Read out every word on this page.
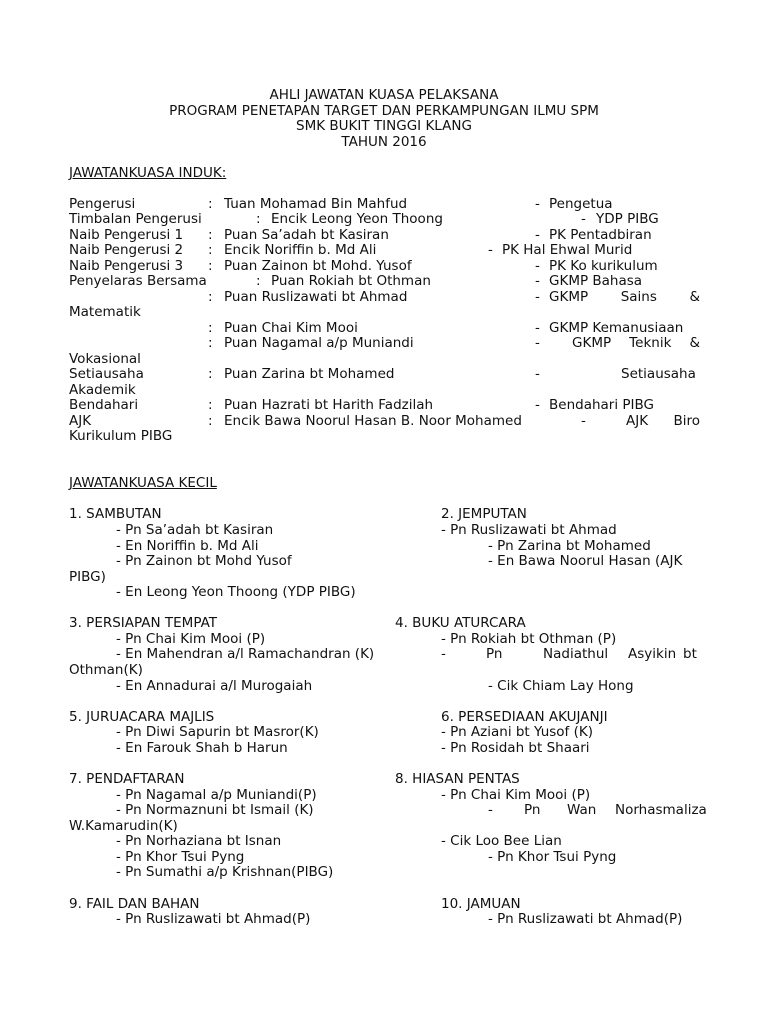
AHLI JAWATAN KUASA PELAKSANA
PROGRAM PENETAPAN TARGET DAN PERKAMPUNGAN ILMU SPM
SMK BUKIT TINGGI KLANG
TAHUN 2016
JAWATANKUASA INDUK:
Pengerusi	: Tuan Mohamad Bin Mahfud	- Pengetua
Timbalan Pengerusi	: Encik Leong Yeon Thoong	- YDP PIBG
Naib Pengerusi 1 : Puan Sa’adah bt Kasiran	- PK Pentadbiran
Naib Pengerusi 2 : Encik Noriffin b. Md Ali	- PK Hal Ehwal Murid
Naib Pengerusi 3 : Puan Zainon bt Mohd. Yusof	- PK Ko kurikulum
Penyelaras Bersama	: Puan Rokiah bt Othman	- GKMP Bahasa
: Puan Ruslizawati bt Ahmad	- GKMP Sains &
Matematik
: Puan Chai Kim Mooi	- GKMP Kemanusiaan
: Puan Nagamal a/p Muniandi	- GKMP Teknik &
Vokasional
Setiausaha	: Puan Zarina bt Mohamed	-	Setiausaha
Akademik
Bendahari	: Puan Hazrati bt Harith Fadzilah	- Bendahari PIBG
AJK	: Encik Bawa Noorul Hasan B. Noor Mohamed	-	AJK Biro
Kurikulum PIBG
JAWATANKUASA KECIL
1. SAMBUTAN	2. JEMPUTAN
- Pn Sa’adah bt Kasiran	- Pn Ruslizawati bt Ahmad
- En Noriffin b. Md Ali	- Pn Zarina bt Mohamed
- Pn Zainon bt Mohd Yusof	- En Bawa Noorul Hasan (AJK
PIBG)
- En Leong Yeon Thoong (YDP PIBG)
3. PERSIAPAN TEMPAT	4. BUKU ATURCARA
- Pn Chai Kim Mooi (P)	- Pn Rokiah bt Othman (P)
- En Mahendran a/l Ramachandran (K)	-	Pn	Nadiathul Asyikin bt
Othman(K)
- En Annadurai a/l Murogaiah	- Cik Chiam Lay Hong
5. JURUACARA MAJLIS	6. PERSEDIAAN AKUJANJI
- Pn Diwi Sapurin bt Masror(K)	- Pn Aziani bt Yusof (K)
- En Farouk Shah b Harun	- Pn Rosidah bt Shaari
7. PENDAFTARAN	8. HIASAN PENTAS
- Pn Nagamal a/p Muniandi(P)	- Pn Chai Kim Mooi (P)
- Pn Normaznuni bt Ismail (K)	- Pn Wan Norhasmaliza
W.Kamarudin(K)
- Pn Norhaziana bt Isnan	- Cik Loo Bee Lian
- Pn Khor Tsui Pyng	- Pn Khor Tsui Pyng
- Pn Sumathi a/p Krishnan(PIBG)
9. FAIL DAN BAHAN	10. JAMUAN
- Pn Ruslizawati bt Ahmad(P)	- Pn Ruslizawati bt Ahmad(P)
